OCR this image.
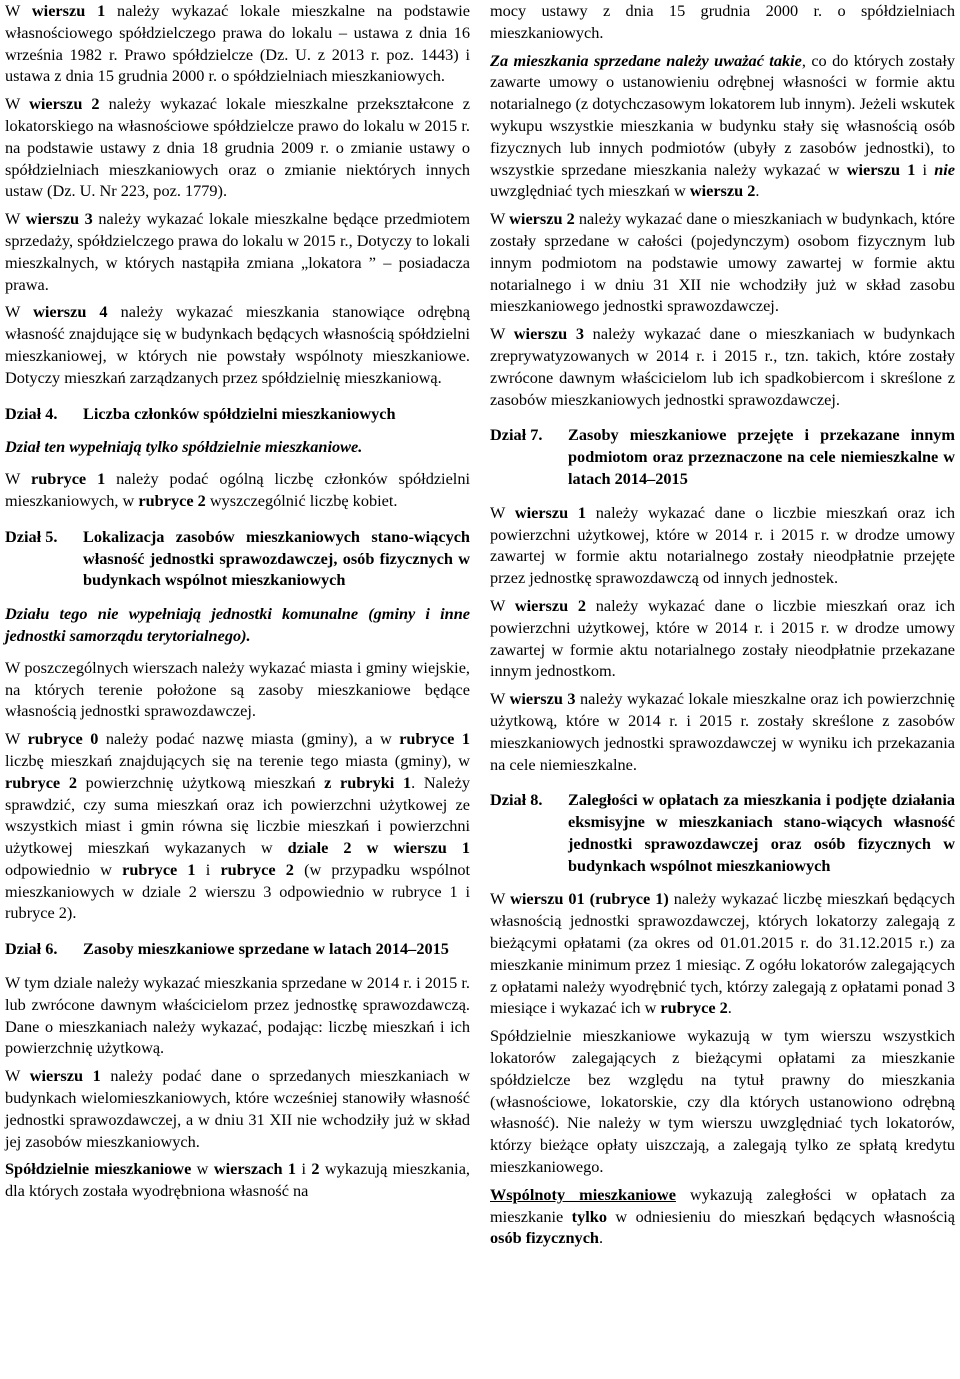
W wierszu 1 należy wykazać lokale mieszkalne na podstawie własnościowego spółdzielczego prawa do lokalu – ustawa z dnia 16 września 1982 r. Prawo spółdzielcze (Dz. U. z 2013 r. poz. 1443) i ustawa z dnia 15 grudnia 2000 r. o spółdzielniach mieszkaniowych.

W wierszu 2 należy wykazać lokale mieszkalne przekształcone z lokatorskiego na własnościowe spółdzielcze prawo do lokalu w 2015 r. na podstawie ustawy z dnia 18 grudnia 2009 r. o zmianie ustawy o spółdzielniach mieszkaniowych oraz o zmianie niektórych innych ustaw (Dz. U. Nr 223, poz. 1779).

W wierszu 3 należy wykazać lokale mieszkalne będące przedmiotem sprzedaży, spółdzielczego prawa do lokalu w 2015 r., Dotyczy to lokali mieszkalnych, w których nastąpiła zmiana „lokatora ” – posiadacza prawa.

W wierszu 4 należy wykazać mieszkania stanowiące odrębną własność znajdujące się w budynkach będących własnością spółdzielni mieszkaniowej, w których nie powstały wspólnoty mieszkaniowe. Dotyczy mieszkań zarządzanych przez spółdzielnię mieszkaniową.

Dział 4.	Liczba członków spółdzielni mieszkaniowych

Dział ten wypełniają tylko spółdzielnie mieszkaniowe.

W rubryce 1 należy podać ogólną liczbę członków spółdzielni mieszkaniowych, w rubryce 2 wyszczególnić liczbę kobiet.

Dział 5.	Lokalizacja zasobów mieszkaniowych stano-wiących własność jednostki sprawozdawczej, osób fizycznych w budynkach wspólnot mieszkaniowych

Działu tego nie wypełniają jednostki komunalne (gminy i inne jednostki samorządu terytorialnego).

W poszczególnych wierszach należy wykazać miasta i gminy wiejskie, na których terenie położone są zasoby mieszkaniowe będące własnością jednostki sprawozdawczej.

W rubryce 0 należy podać nazwę miasta (gminy), a w rubryce 1 liczbę mieszkań znajdujących się na terenie tego miasta (gminy), w rubryce 2 powierzchnię użytkową mieszkań z rubryki 1. Należy sprawdzić, czy suma mieszkań oraz ich powierzchni użytkowej ze wszystkich miast i gmin równa się liczbie mieszkań i powierzchni użytkowej mieszkań wykazanych w dziale 2 w wierszu 1 odpowiednio w rubryce 1 i rubryce 2 (w przypadku wspólnot mieszkaniowych w dziale 2 wierszu 3 odpowiednio w rubryce 1 i rubryce 2).

Dział 6.	Zasoby mieszkaniowe sprzedane w latach 2014–2015

W tym dziale należy wykazać mieszkania sprzedane w 2014 r. i 2015 r. lub zwrócone dawnym właścicielom przez jednostkę sprawozdawczą. Dane o mieszkaniach należy wykazać, podając: liczbę mieszkań i ich powierzchnię użytkową.

W wierszu 1 należy podać dane o sprzedanych mieszkaniach w budynkach wielomieszkaniowych, które wcześniej stanowiły własność jednostki sprawozdawczej, a w dniu 31 XII nie wchodziły już w skład jej zasobów mieszkaniowych.

Spółdzielnie mieszkaniowe w wierszach 1 i 2 wykazują mieszkania, dla których została wyodrębniona własność na

mocy ustawy z dnia 15 grudnia 2000 r. o spółdzielniach mieszkaniowych.

Za mieszkania sprzedane należy uważać takie, co do których zostały zawarte umowy o ustanowieniu odrębnej własności w formie aktu notarialnego (z dotychczasowym lokatorem lub innym). Jeżeli wskutek wykupu wszystkie mieszkania w budynku stały się własnością osób fizycznych lub innych podmiotów (ubyły z zasobów jednostki), to wszystkie sprzedane mieszkania należy wykazać w wierszu 1 i nie uwzględniać tych mieszkań w wierszu 2.

W wierszu 2 należy wykazać dane o mieszkaniach w budynkach, które zostały sprzedane w całości (pojedynczym) osobom fizycznym lub innym podmiotom na podstawie umowy zawartej w formie aktu notarialnego i w dniu 31 XII nie wchodziły już w skład zasobu mieszkaniowego jednostki sprawozdawczej.

W wierszu 3 należy wykazać dane o mieszkaniach w budynkach zreprywatyzowanych w 2014 r. i 2015 r., tzn. takich, które zostały zwrócone dawnym właścicielom lub ich spadkobiercom i skreślone z zasobów mieszkaniowych jednostki sprawozdawczej.

Dział 7.	Zasoby mieszkaniowe przejęte i przekazane innym podmiotom oraz przeznaczone na cele niemieszkalne w latach 2014–2015

W wierszu 1 należy wykazać dane o liczbie mieszkań oraz ich powierzchni użytkowej, które w 2014 r. i 2015 r. w drodze umowy zawartej w formie aktu notarialnego zostały nieodpłatnie przejęte przez jednostkę sprawozdawczą od innych jednostek.

W wierszu 2 należy wykazać dane o liczbie mieszkań oraz ich powierzchni użytkowej, które w 2014 r. i 2015 r. w drodze umowy zawartej w formie aktu notarialnego zostały nieodpłatnie przekazane innym jednostkom.

W wierszu 3 należy wykazać lokale mieszkalne oraz ich powierzchnię użytkową, które w 2014 r. i 2015 r. zostały skreślone z zasobów mieszkaniowych jednostki sprawozdawczej w wyniku ich przekazania na cele niemieszkalne.

Dział 8.	Zaległości w opłatach za mieszkania i podjęte działania eksmisyjne w mieszkaniach stano-wiących własność jednostki sprawozdawczej oraz osób fizycznych w budynkach wspólnot mieszkaniowych

W wierszu 01 (rubryce 1) należy wykazać liczbę mieszkań będących własnością jednostki sprawozdawczej, których lokatorzy zalegają z bieżącymi opłatami (za okres od 01.01.2015 r. do 31.12.2015 r.) za mieszkanie minimum przez 1 miesiąc. Z ogółu lokatorów zalegających z opłatami należy wyodrębnić tych, którzy zalegają z opłatami ponad 3 miesiące i wykazać ich w rubryce 2.

Spółdzielnie mieszkaniowe wykazują w tym wierszu wszystkich lokatorów zalegających z bieżącymi opłatami za mieszkanie spółdzielcze bez względu na tytuł prawny do mieszkania (własnościowe, lokatorskie, czy dla których ustanowiono odrębną własność). Nie należy w tym wierszu uwzględniać tych lokatorów, którzy bieżące opłaty uiszczają, a zalegają tylko ze spłatą kredytu mieszkaniowego.

Wspólnoty mieszkaniowe wykazują zaległości w opłatach za mieszkanie tylko w odniesieniu do mieszkań będących własnością osób fizycznych.
